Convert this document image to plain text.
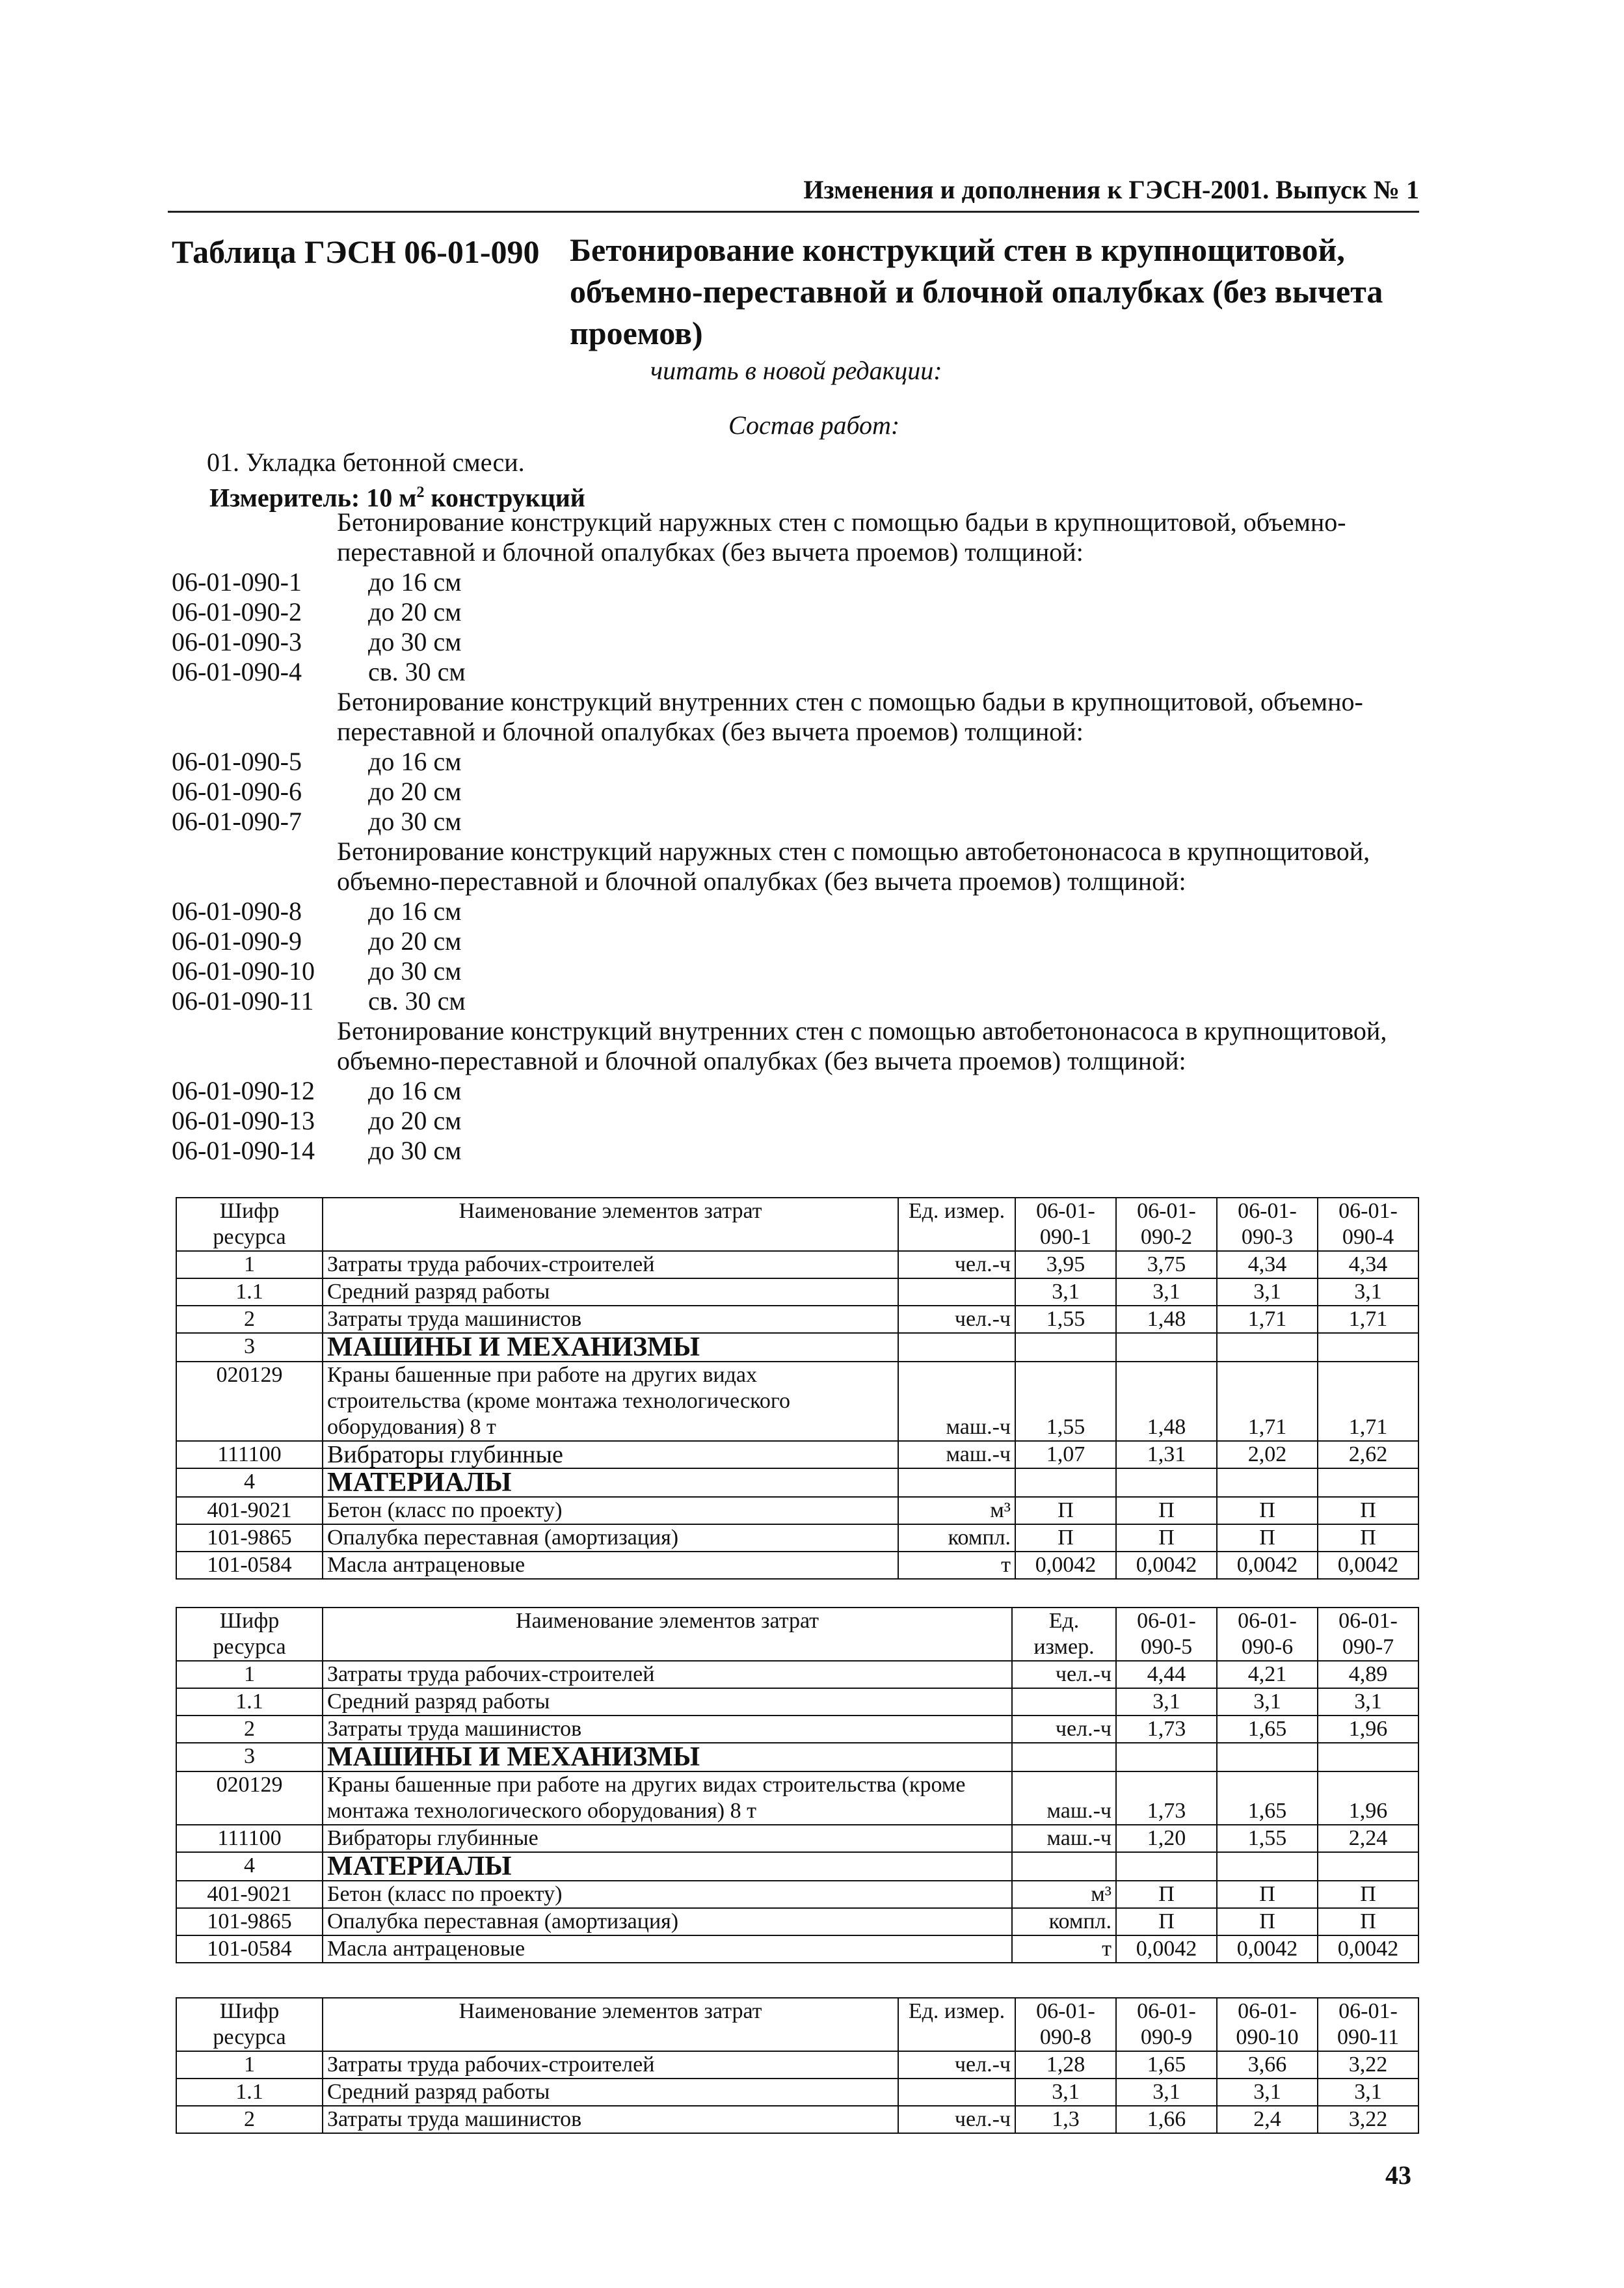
Изменения и дополнения к ГЭСН-2001. Выпуск № 1
Таблица ГЭСН 06-01-090 Бетонирование конструкций стен в крупнощитовой, объемно-переставной и блочной опалубках (без вычета проемов)
читать в новой редакции:
Состав работ:
01. Укладка бетонной смеси.
Измеритель: 10 $м^2$ конструкций
Бетонирование конструкций наружных стен с помощью бадьи в крупнощитовой, объемно-переставной и блочной опалубках (без вычета проемов) толщиной:
06-01-090-1	до 16 см
06-01-090-2	до 20 см
06-01-090-3	до 30 см
06-01-090-4	св. 30 см
Бетонирование конструкций внутренних стен с помощью бадьи в крупнощитовой, объемно-переставной и блочной опалубках (без вычета проемов) толщиной:
06-01-090-5	до 16 см
06-01-090-6	до 20 см
06-01-090-7	до 30 см
Бетонирование конструкций наружных стен с помощью автобетононасоса в крупнощитовой, объемно-переставной и блочной опалубках (без вычета проемов) толщиной:
06-01-090-8	до 16 см
06-01-090-9	до 20 см
06-01-090-10 до 30 см
06-01-090-11 св. 30 см
Бетонирование конструкций внутренних стен с помощью автобетононасоса в крупнощитовой, объемно-переставной и блочной опалубках (без вычета проемов) толщиной:
06-01-090-12 до 16 см
06-01-090-13 до 20 см
06-01-090-14 до 30 см
Шифр ресурса	Наименование элементов затрат	Ед. измер.	06-01-090-1	06-01-090-2	06-01-090-3	06-01-090-4
1	Затраты труда рабочих-строителей	чел.-ч	3,95	3,75	4,34	4,34
1.1	Средний разряд работы		3,1	3,1	3,1	3,1
2	Затраты труда машинистов	чел.-ч	1,55	1,48	1,71	1,71
3	МАШИНЫ И МЕХАНИЗМЫ					
020129	Краны башенные при работе на других видах строительства (кроме монтажа технологического оборудования) 8 т	маш.-ч	1,55	1,48	1,71	1,71
111100	Вибраторы глубинные	маш.-ч	1,07	1,31	2,02	2,62
4	МАТЕРИАЛЫ					
401-9021	Бетон (класс по проекту)	м³	П	П	П	П
101-9865	Опалубка переставная (амортизация)	компл.	П	П	П	П
101-0584	Масла антраценовые	т	0,0042	0,0042	0,0042	0,0042
Шифр ресурса	Наименование элементов затрат	Ед. измер.	06-01-090-5	06-01-090-6	06-01-090-7
1	Затраты труда рабочих-строителей	чел.-ч	4,44	4,21	4,89
1.1	Средний разряд работы		3,1	3,1	3,1
2	Затраты труда машинистов	чел.-ч	1,73	1,65	1,96
3	МАШИНЫ И МЕХАНИЗМЫ				
020129	Краны башенные при работе на других видах строительства (кроме монтажа технологического оборудования) 8 т	маш.-ч	1,73	1,65	1,96
111100	Вибраторы глубинные	маш.-ч	1,20	1,55	2,24
4	МАТЕРИАЛЫ				
401-9021	Бетон (класс по проекту)	м³	П	П	П
101-9865	Опалубка переставная (амортизация)	компл.	П	П	П
101-0584	Масла антраценовые	т	0,0042	0,0042	0,0042
Шифр ресурса	Наименование элементов затрат	Ед. измер.	06-01-090-8	06-01-090-9	06-01-090-10	06-01-090-11
1	Затраты труда рабочих-строителей	чел.-ч	1,28	1,65	3,66	3,22
1.1	Средний разряд работы		3,1	3,1	3,1	3,1
2	Затраты труда машинистов	чел.-ч	1,3	1,66	2,4	3,22
43
